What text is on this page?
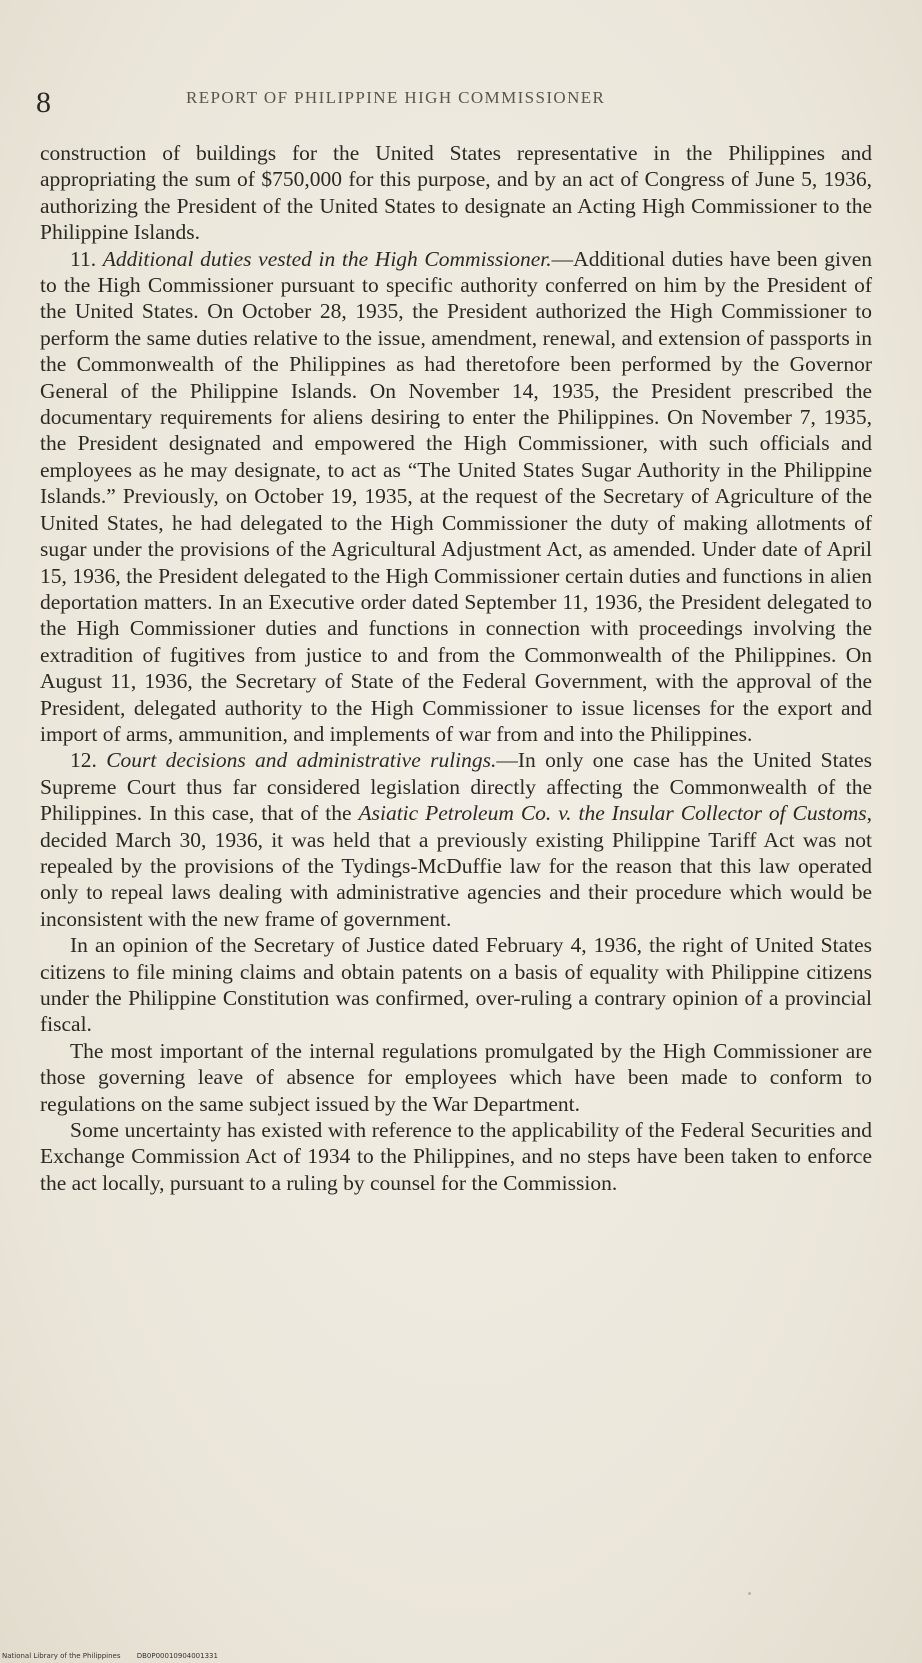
8	REPORT OF PHILIPPINE HIGH COMMISSIONER

construction of buildings for the United States representative in the Philippines and appropriating the sum of $750,000 for this purpose, and by an act of Congress of June 5, 1936, authorizing the President of the United States to designate an Acting High Commissioner to the Philippine Islands.

11. Additional duties vested in the High Commissioner.—Additional duties have been given to the High Commissioner pursuant to specific authority conferred on him by the President of the United States. On October 28, 1935, the President authorized the High Commissioner to perform the same duties relative to the issue, amendment, renewal, and extension of passports in the Commonwealth of the Philippines as had theretofore been performed by the Governor General of the Philippine Islands. On November 14, 1935, the President prescribed the documentary requirements for aliens desiring to enter the Philippines. On November 7, 1935, the President designated and empowered the High Commissioner, with such officials and employees as he may designate, to act as “The United States Sugar Authority in the Philippine Islands.” Previously, on October 19, 1935, at the request of the Secretary of Agriculture of the United States, he had delegated to the High Commissioner the duty of making allotments of sugar under the provisions of the Agricultural Adjustment Act, as amended. Under date of April 15, 1936, the President delegated to the High Commissioner certain duties and functions in alien deportation matters. In an Executive order dated September 11, 1936, the President delegated to the High Commissioner duties and functions in connection with proceedings involving the extradition of fugitives from justice to and from the Commonwealth of the Philippines. On August 11, 1936, the Secretary of State of the Federal Government, with the approval of the President, delegated authority to the High Commissioner to issue licenses for the export and import of arms, ammunition, and implements of war from and into the Philippines.

12. Court decisions and administrative rulings.—In only one case has the United States Supreme Court thus far considered legislation directly affecting the Commonwealth of the Philippines. In this case, that of the Asiatic Petroleum Co. v. the Insular Collector of Customs, decided March 30, 1936, it was held that a previously existing Philippine Tariff Act was not repealed by the provisions of the Tydings-McDuffie law for the reason that this law operated only to repeal laws dealing with administrative agencies and their procedure which would be inconsistent with the new frame of government.

In an opinion of the Secretary of Justice dated February 4, 1936, the right of United States citizens to file mining claims and obtain patents on a basis of equality with Philippine citizens under the Philippine Constitution was confirmed, over-ruling a contrary opinion of a provincial fiscal.

The most important of the internal regulations promulgated by the High Commissioner are those governing leave of absence for employees which have been made to conform to regulations on the same subject issued by the War Department.

Some uncertainty has existed with reference to the applicability of the Federal Securities and Exchange Commission Act of 1934 to the Philippines, and no steps have been taken to enforce the act locally, pursuant to a ruling by counsel for the Commission.

National Library of the Philippines DB0P00010904001331
